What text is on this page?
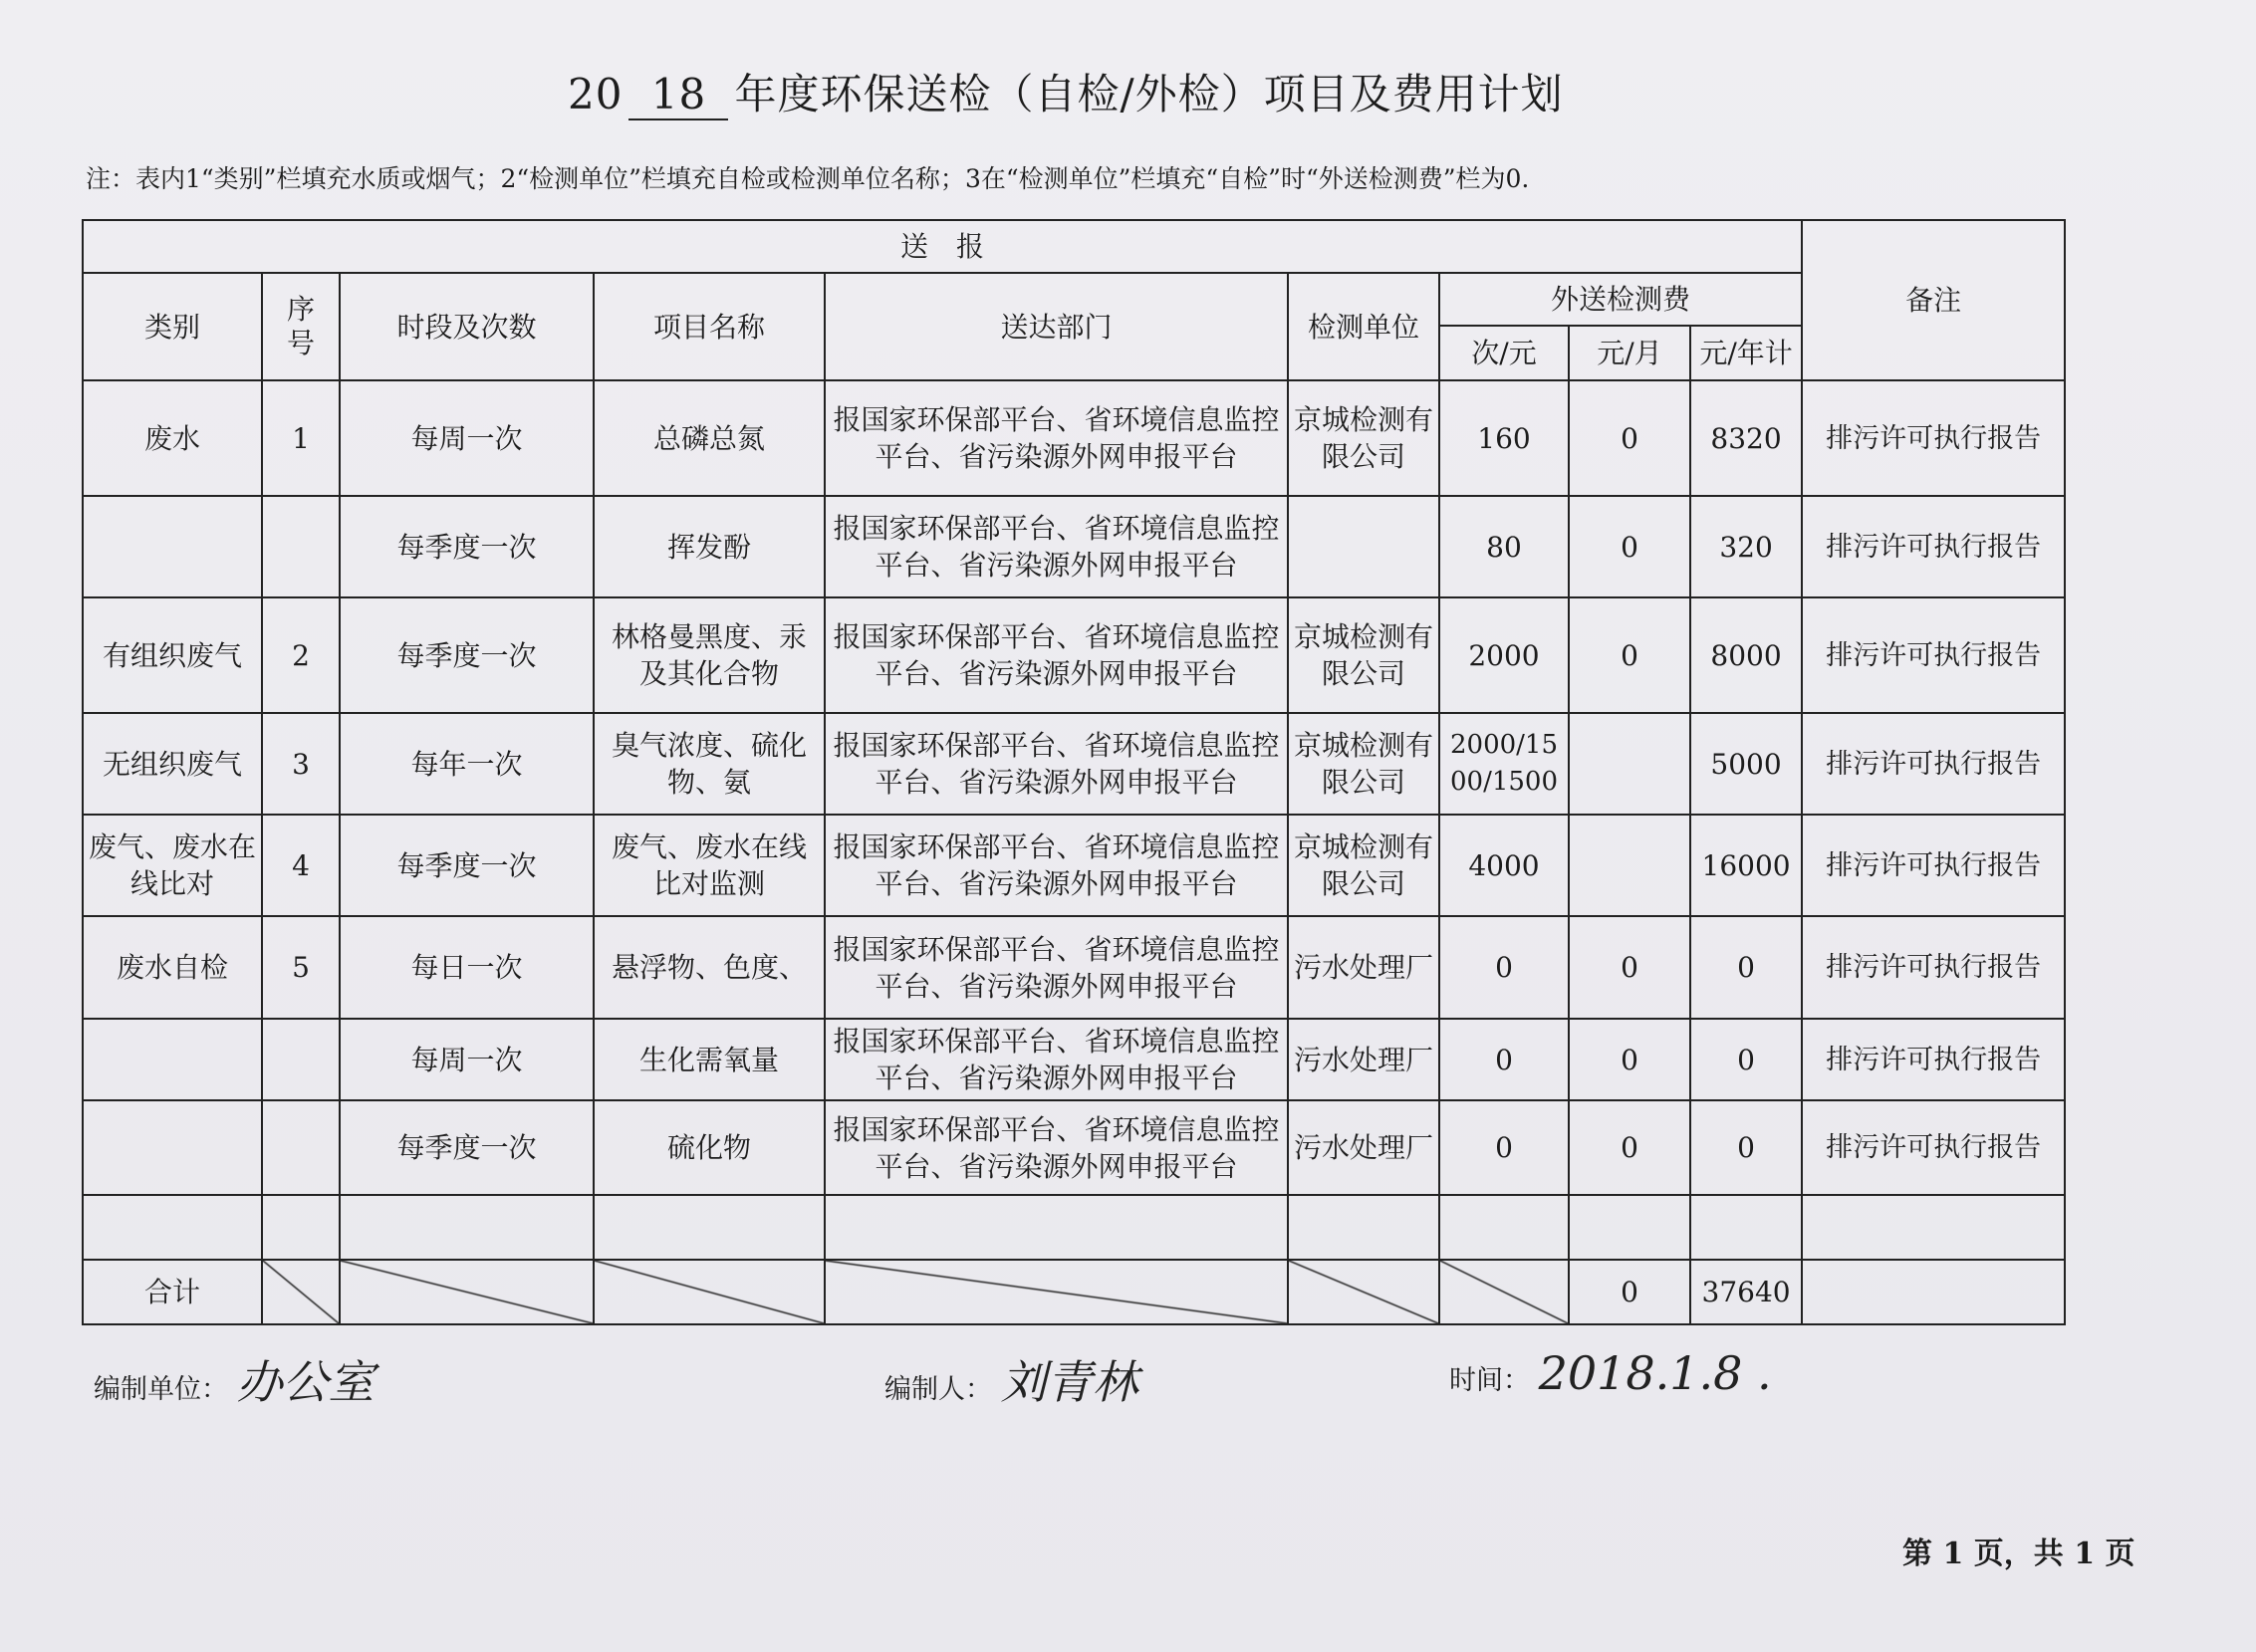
20 18 年度环保送检（自检/外检）项目及费用计划
注：表内1“类别”栏填充水质或烟气；2“检测单位”栏填充自检或检测单位名称；3在“检测单位”栏填充“自检”时“外送检测费”栏为0.
送　报									备注
类别	序号	时段及次数	项目名称	送达部门	检测单位	外送检测费			
						次/元	元/月	元/年计	
废水	1	每周一次	总磷总氮	报国家环保部平台、省环境信息监控平台、省污染源外网申报平台	京城检测有限公司	160	0	8320	排污许可执行报告
		每季度一次	挥发酚	报国家环保部平台、省环境信息监控平台、省污染源外网申报平台		80	0	320	排污许可执行报告
有组织废气	2	每季度一次	林格曼黑度、汞及其化合物	报国家环保部平台、省环境信息监控平台、省污染源外网申报平台	京城检测有限公司	2000	0	8000	排污许可执行报告
无组织废气	3	每年一次	臭气浓度、硫化物、氨	报国家环保部平台、省环境信息监控平台、省污染源外网申报平台	京城检测有限公司	2000/1500/1500		5000	排污许可执行报告
废气、废水在线比对	4	每季度一次	废气、废水在线比对监测	报国家环保部平台、省环境信息监控平台、省污染源外网申报平台	京城检测有限公司	4000		16000	排污许可执行报告
废水自检	5	每日一次	悬浮物、色度、	报国家环保部平台、省环境信息监控平台、省污染源外网申报平台	污水处理厂	0	0	0	排污许可执行报告
		每周一次	生化需氧量	报国家环保部平台、省环境信息监控平台、省污染源外网申报平台	污水处理厂	0	0	0	排污许可执行报告
		每季度一次	硫化物	报国家环保部平台、省环境信息监控平台、省污染源外网申报平台	污水处理厂	0	0	0	排污许可执行报告

合计							0	37640	
编制单位： 办公室	编制人： 刘青林	时间： 2018.1.8 .
第 1 页，共 1 页
